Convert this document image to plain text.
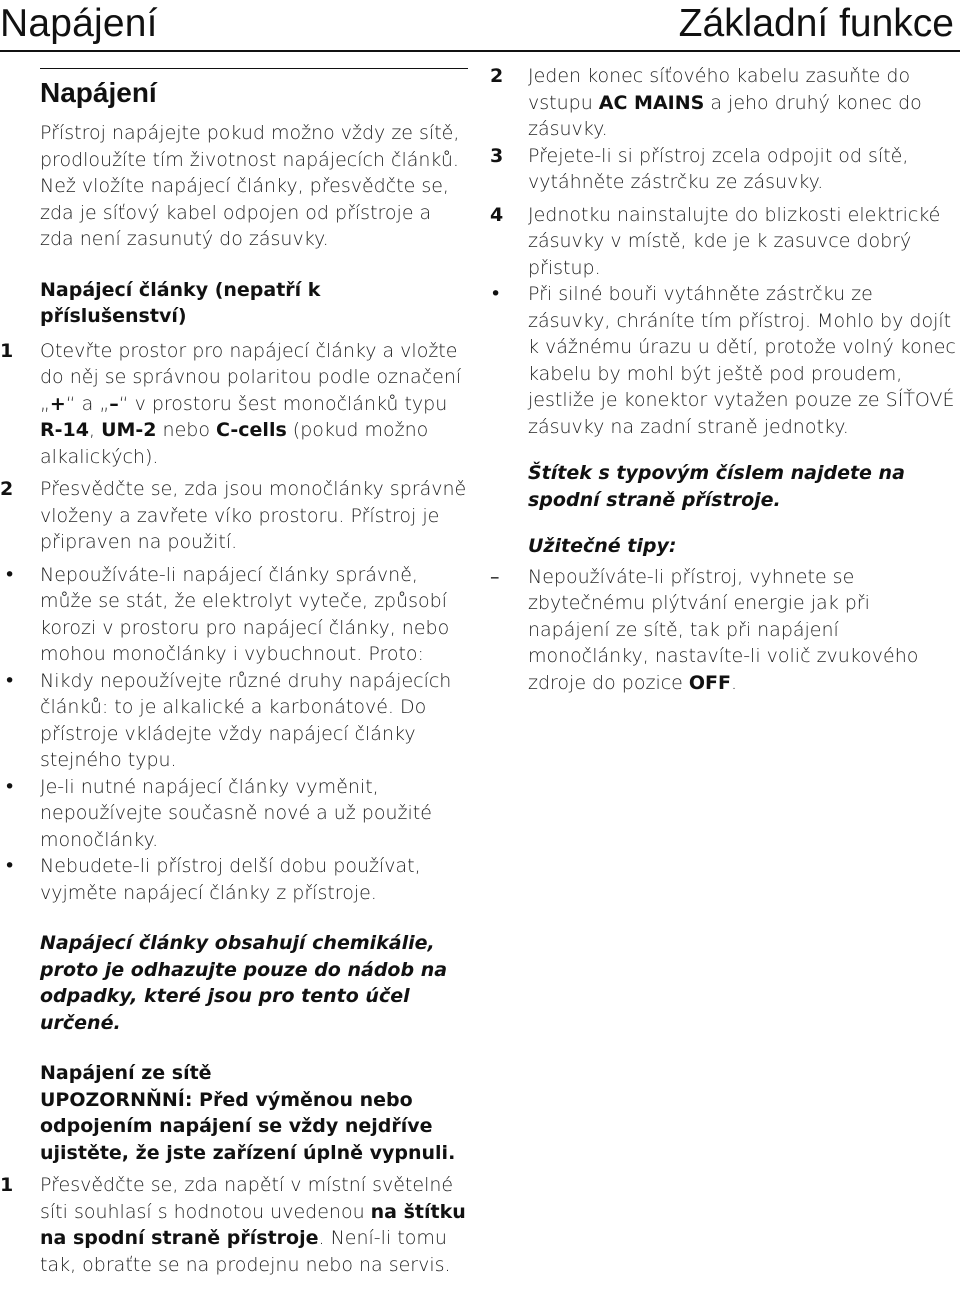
Napájení	Základní funkce
Napájení

Přístroj napájejte pokud možno vždy ze sítě, prodloužíte tím životnost napájecích článků. Než vložíte napájecí články, přesvědčte se, zda je síťový kabel odpojen od přístroje a zda není zasunutý do zásuvky.

Napájecí články (nepatří k příslušenství)

1	Otevřte prostor pro napájecí články a vložte do něj se správnou polaritou podle označení „+“ a „–“ v prostoru šest monočlánků typu R-14, UM-2 nebo C-cells (pokud možno alkalických).
2	Přesvědčte se, zda jsou monočlánky správně vloženy a zavřete víko prostoru. Přístroj je připraven na použití.
•	Nepoužíváte-li napájecí články správně, může se stát, že elektrolyt vyteče, způsobí korozi v prostoru pro napájecí články, nebo mohou monočlánky i vybuchnout. Proto:
•	Nikdy nepoužívejte různé druhy napájecích článků: to je alkalické a karbonátové. Do přístroje vkládejte vždy napájecí články stejného typu.
•	Je-li nutné napájecí články vyměnit, nepoužívejte současně nové a už použité monočlánky.
•	Nebudete-li přístroj delší dobu používat, vyjměte napájecí články z přístroje.

Napájecí články obsahují chemikálie, proto je odhazujte pouze do nádob na odpadky, které jsou pro tento účel určené.

Napájení ze sítě

UPOZORNŇNÍ: Před výměnou nebo odpojením napájení se vždy nejdříve ujistěte, že jste zařízení úplně vypnuli.

1	Přesvědčte se, zda napětí v místní světelné síti souhlasí s hodnotou uvedenou na štítku na spodní straně přístroje. Není-li tomu tak, obraťte se na prodejnu nebo na servis.
2	Jeden konec síťového kabelu zasuňte do vstupu AC MAINS a jeho druhý konec do zásuvky.
3	Přejete-li si přístroj zcela odpojit od sítě, vytáhněte zástrčku ze zásuvky.
4	Jednotku nainstalujte do blizkosti elektrické zásuvky v místě, kde je k zasuvce dobrý přistup.
•	Při silné bouři vytáhněte zástrčku ze zásuvky, chráníte tím přístroj. Mohlo by dojít k vážnému úrazu u dětí, protože volný konec kabelu by mohl být ještě pod proudem, jestliže je konektor vytažen pouze ze SÍŤOVÉ zásuvky na zadní straně jednotky.

Štítek s typovým číslem najdete na spodní straně přístroje.

Užitečné tipy:

–	Nepoužíváte-li přístroj, vyhnete se zbytečnému plýtvání energie jak při napájení ze sítě, tak při napájení monočlánky, nastavíte-li volič zvukového zdroje do pozice OFF.
